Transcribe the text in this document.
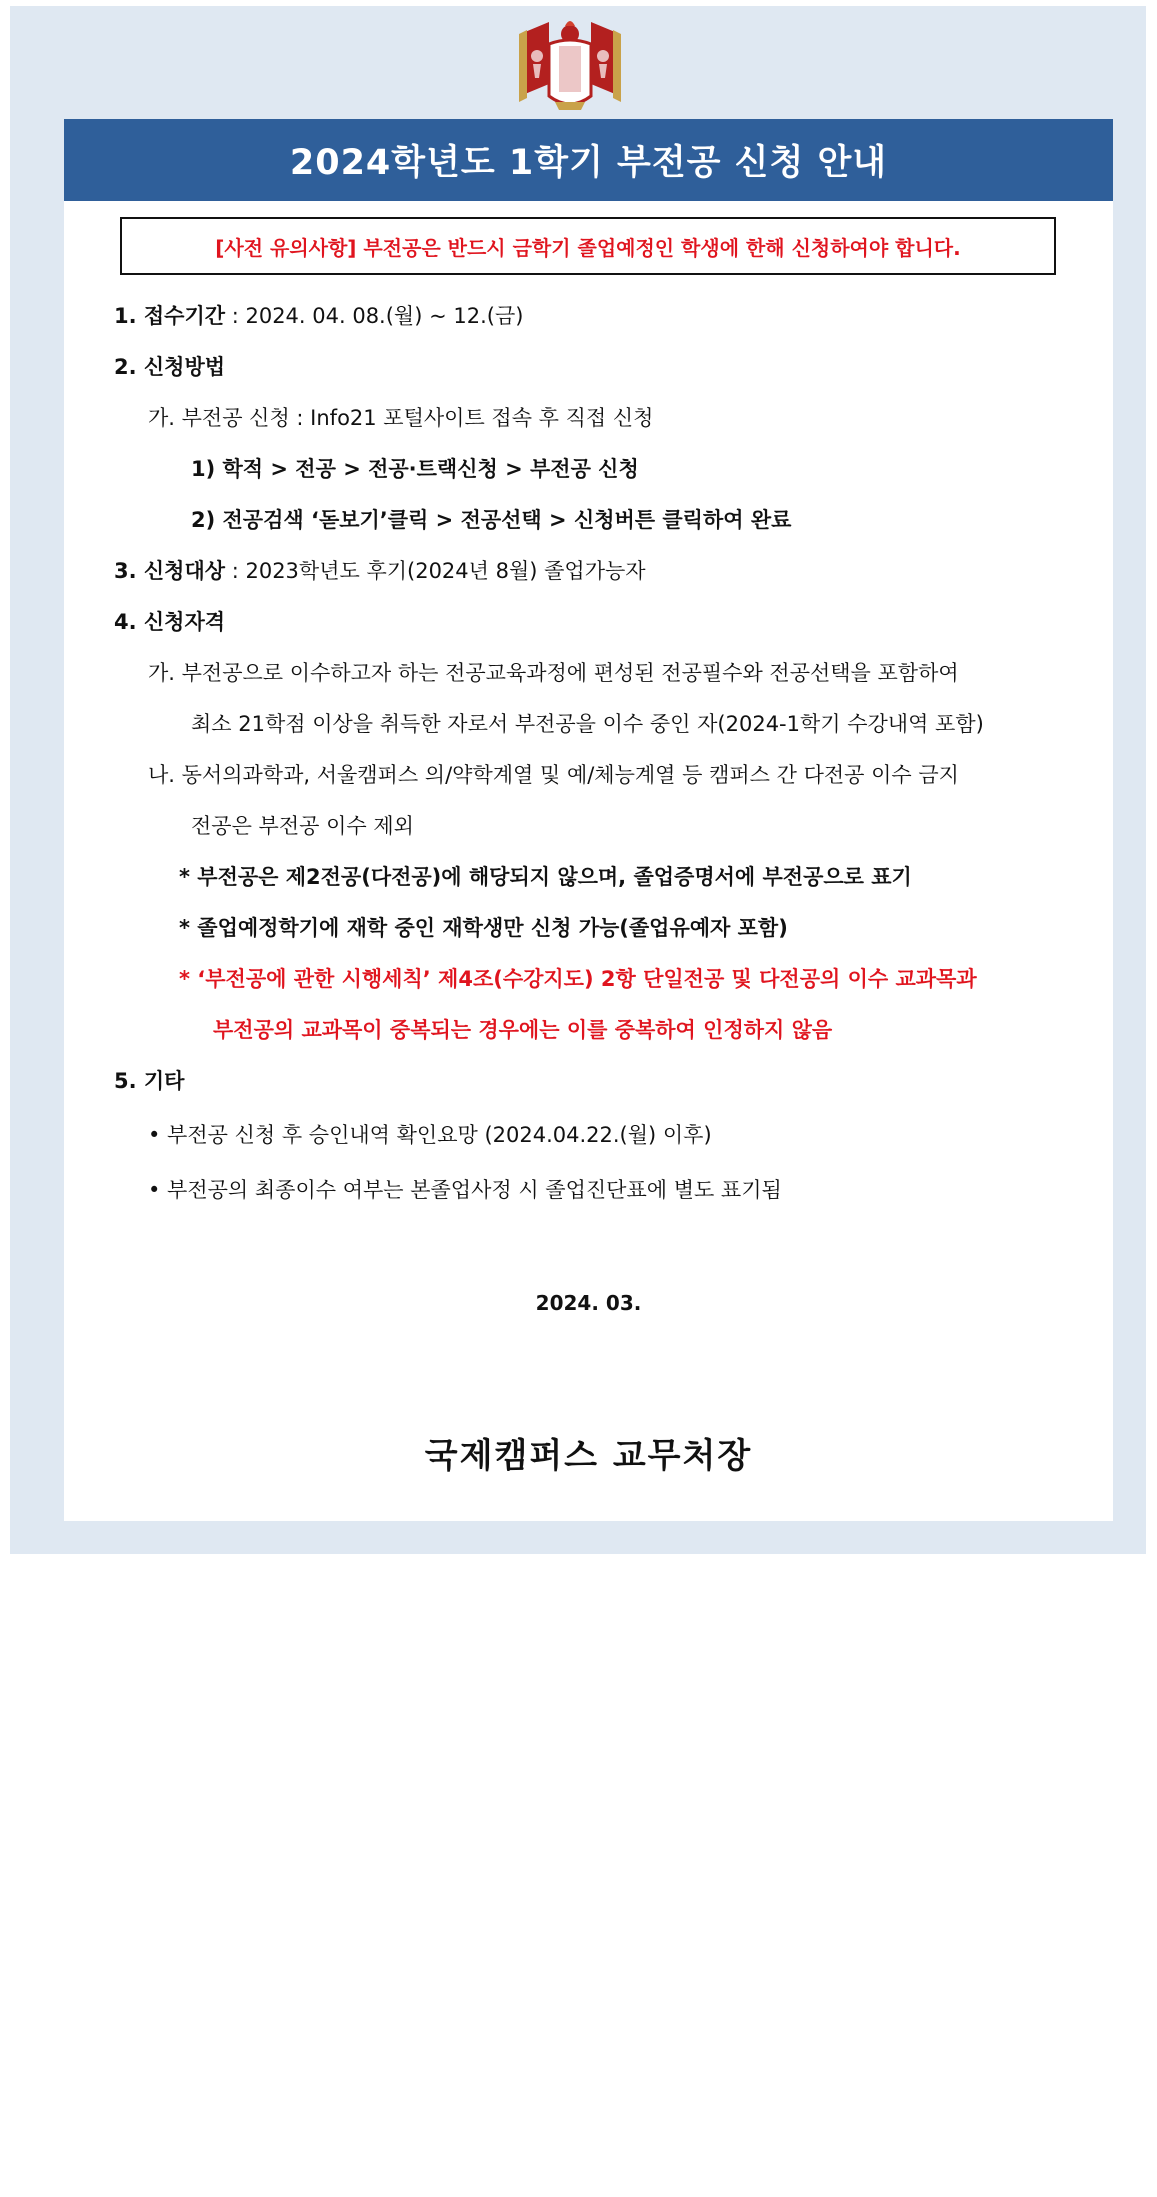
2024학년도 1학기 부전공 신청 안내
[사전 유의사항] 부전공은 반드시 금학기 졸업예정인 학생에 한해 신청하여야 합니다.
1. 접수기간 : 2024. 04. 08.(월) ~ 12.(금)
2. 신청방법
가. 부전공 신청 : Info21 포털사이트 접속 후 직접 신청
1) 학적 > 전공 > 전공·트랙신청 > 부전공 신청
2) 전공검색 ‘돋보기’클릭 > 전공선택 > 신청버튼 클릭하여 완료
3. 신청대상 : 2023학년도 후기(2024년 8월) 졸업가능자
4. 신청자격
가. 부전공으로 이수하고자 하는 전공교육과정에 편성된 전공필수와 전공선택을 포함하여
최소 21학점 이상을 취득한 자로서 부전공을 이수 중인 자(2024-1학기 수강내역 포함)
나. 동서의과학과, 서울캠퍼스 의/약학계열 및 예/체능계열 등 캠퍼스 간 다전공 이수 금지
전공은 부전공 이수 제외
* 부전공은 제2전공(다전공)에 해당되지 않으며, 졸업증명서에 부전공으로 표기
* 졸업예정학기에 재학 중인 재학생만 신청 가능(졸업유예자 포함)
* ‘부전공에 관한 시행세칙’ 제4조(수강지도) 2항 단일전공 및 다전공의 이수 교과목과
부전공의 교과목이 중복되는 경우에는 이를 중복하여 인정하지 않음
5. 기타
• 부전공 신청 후 승인내역 확인요망 (2024.04.22.(월) 이후)
• 부전공의 최종이수 여부는 본졸업사정 시 졸업진단표에 별도 표기됨
2024. 03.
국제캠퍼스 교무처장
